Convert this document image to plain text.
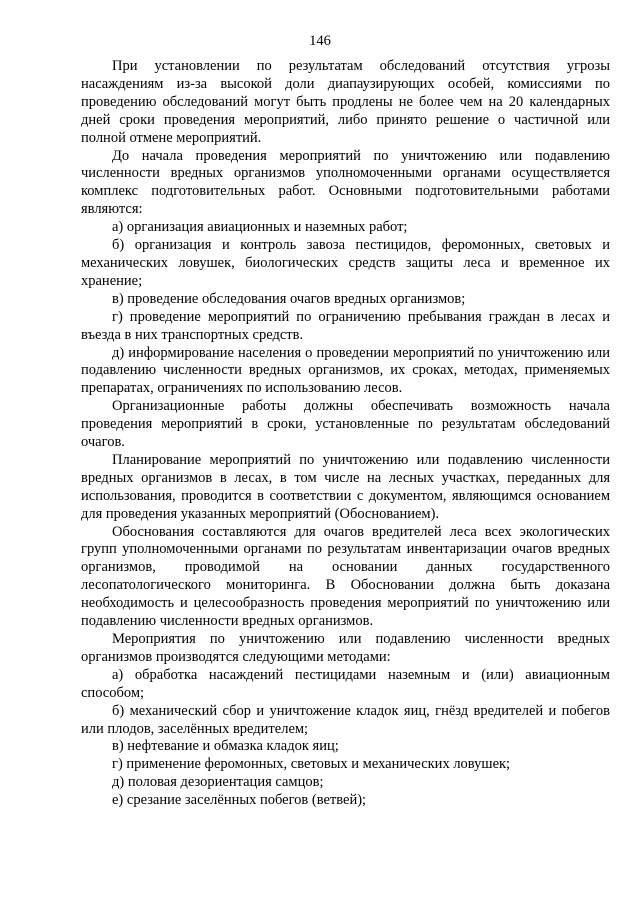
146

При установлении по результатам обследований отсутствия угрозы насаждениям из-за высокой доли диапаузирующих особей, комиссиями по проведению обследований могут быть продлены не более чем на 20 календарных дней сроки проведения мероприятий, либо принято решение о частичной или полной отмене мероприятий.

До начала проведения мероприятий по уничтожению или подавлению численности вредных организмов уполномоченными органами осуществляется комплекс подготовительных работ. Основными подготовительными работами являются:

а) организация авиационных и наземных работ;

б) организация и контроль завоза пестицидов, феромонных, световых и механических ловушек, биологических средств защиты леса и временное их хранение;

в) проведение обследования очагов вредных организмов;

г) проведение мероприятий по ограничению пребывания граждан в лесах и въезда в них транспортных средств.

д) информирование населения о проведении мероприятий по уничтожению или подавлению численности вредных организмов, их сроках, методах, применяемых препаратах, ограничениях по использованию лесов.

Организационные работы должны обеспечивать возможность начала проведения мероприятий в сроки, установленные по результатам обследований очагов.

Планирование мероприятий по уничтожению или подавлению численности вредных организмов в лесах, в том числе на лесных участках, переданных для использования, проводится в соответствии с документом, являющимся основанием для проведения указанных мероприятий (Обоснованием).

Обоснования составляются для очагов вредителей леса всех экологических групп уполномоченными органами по результатам инвентаризации очагов вредных организмов, проводимой на основании данных государственного лесопатологического мониторинга. В Обосновании должна быть доказана необходимость и целесообразность проведения мероприятий по уничтожению или подавлению численности вредных организмов.

Мероприятия по уничтожению или подавлению численности вредных организмов производятся следующими методами:

а) обработка насаждений пестицидами наземным и (или) авиационным способом;

б) механический сбор и уничтожение кладок яиц, гнёзд вредителей и побегов или плодов, заселённых вредителем;

в) нефтевание и обмазка кладок яиц;

г) применение феромонных, световых и механических ловушек;

д) половая дезориентация самцов;

е) срезание заселённых побегов (ветвей);
